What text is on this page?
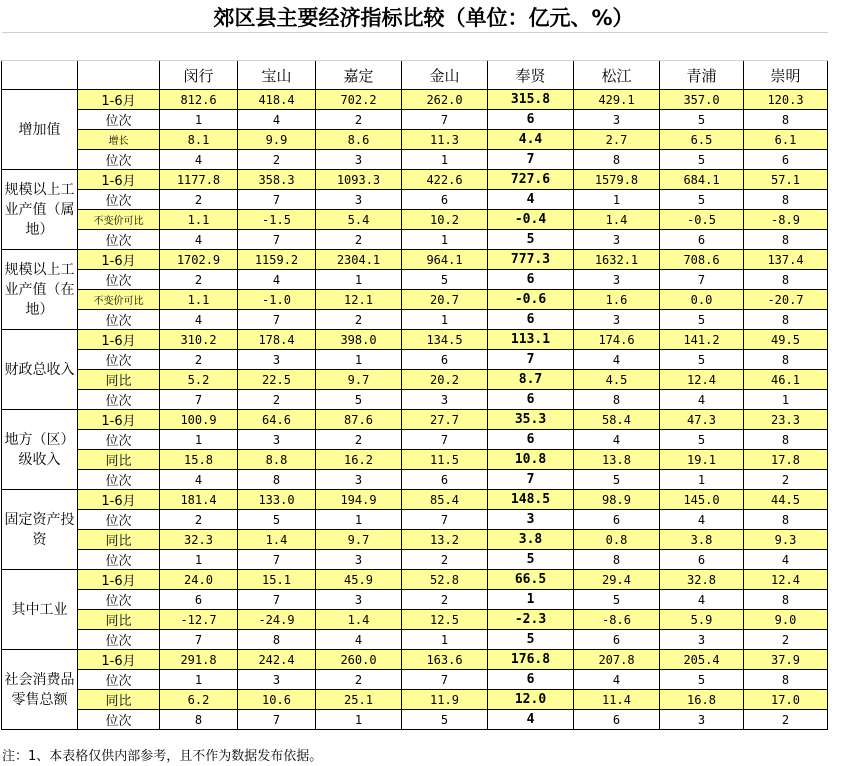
郊区县主要经济指标比较（单位：亿元、%）

		闵行	宝山	嘉定	金山	奉贤	松江	青浦	崇明
增加值	1-6月	812.6	418.4	702.2	262.0	315.8	429.1	357.0	120.3
	位次	1	4	2	7	6	3	5	8
	增长	8.1	9.9	8.6	11.3	4.4	2.7	6.5	6.1
	位次	4	2	3	1	7	8	5	6
规模以上工业产值（属地）	1-6月	1177.8	358.3	1093.3	422.6	727.6	1579.8	684.1	57.1
	位次	2	7	3	6	4	1	5	8
	不变价可比	1.1	-1.5	5.4	10.2	-0.4	1.4	-0.5	-8.9
	位次	4	7	2	1	5	3	6	8
规模以上工业产值（在地）	1-6月	1702.9	1159.2	2304.1	964.1	777.3	1632.1	708.6	137.4
	位次	2	4	1	5	6	3	7	8
	不变价可比	1.1	-1.0	12.1	20.7	-0.6	1.6	0.0	-20.7
	位次	4	7	2	1	6	3	5	8
财政总收入	1-6月	310.2	178.4	398.0	134.5	113.1	174.6	141.2	49.5
	位次	2	3	1	6	7	4	5	8
	同比	5.2	22.5	9.7	20.2	8.7	4.5	12.4	46.1
	位次	7	2	5	3	6	8	4	1
地方（区）级收入	1-6月	100.9	64.6	87.6	27.7	35.3	58.4	47.3	23.3
	位次	1	3	2	7	6	4	5	8
	同比	15.8	8.8	16.2	11.5	10.8	13.8	19.1	17.8
	位次	4	8	3	6	7	5	1	2
固定资产投资	1-6月	181.4	133.0	194.9	85.4	148.5	98.9	145.0	44.5
	位次	2	5	1	7	3	6	4	8
	同比	32.3	1.4	9.7	13.2	3.8	0.8	3.8	9.3
	位次	1	7	3	2	5	8	6	4
其中工业	1-6月	24.0	15.1	45.9	52.8	66.5	29.4	32.8	12.4
	位次	6	7	3	2	1	5	4	8
	同比	-12.7	-24.9	1.4	12.5	-2.3	-8.6	5.9	9.0
	位次	7	8	4	1	5	6	3	2
社会消费品零售总额	1-6月	291.8	242.4	260.0	163.6	176.8	207.8	205.4	37.9
	位次	1	3	2	7	6	4	5	8
	同比	6.2	10.6	25.1	11.9	12.0	11.4	16.8	17.0
	位次	8	7	1	5	4	6	3	2
注：1、本表格仅供内部参考，且不作为数据发布依据。
